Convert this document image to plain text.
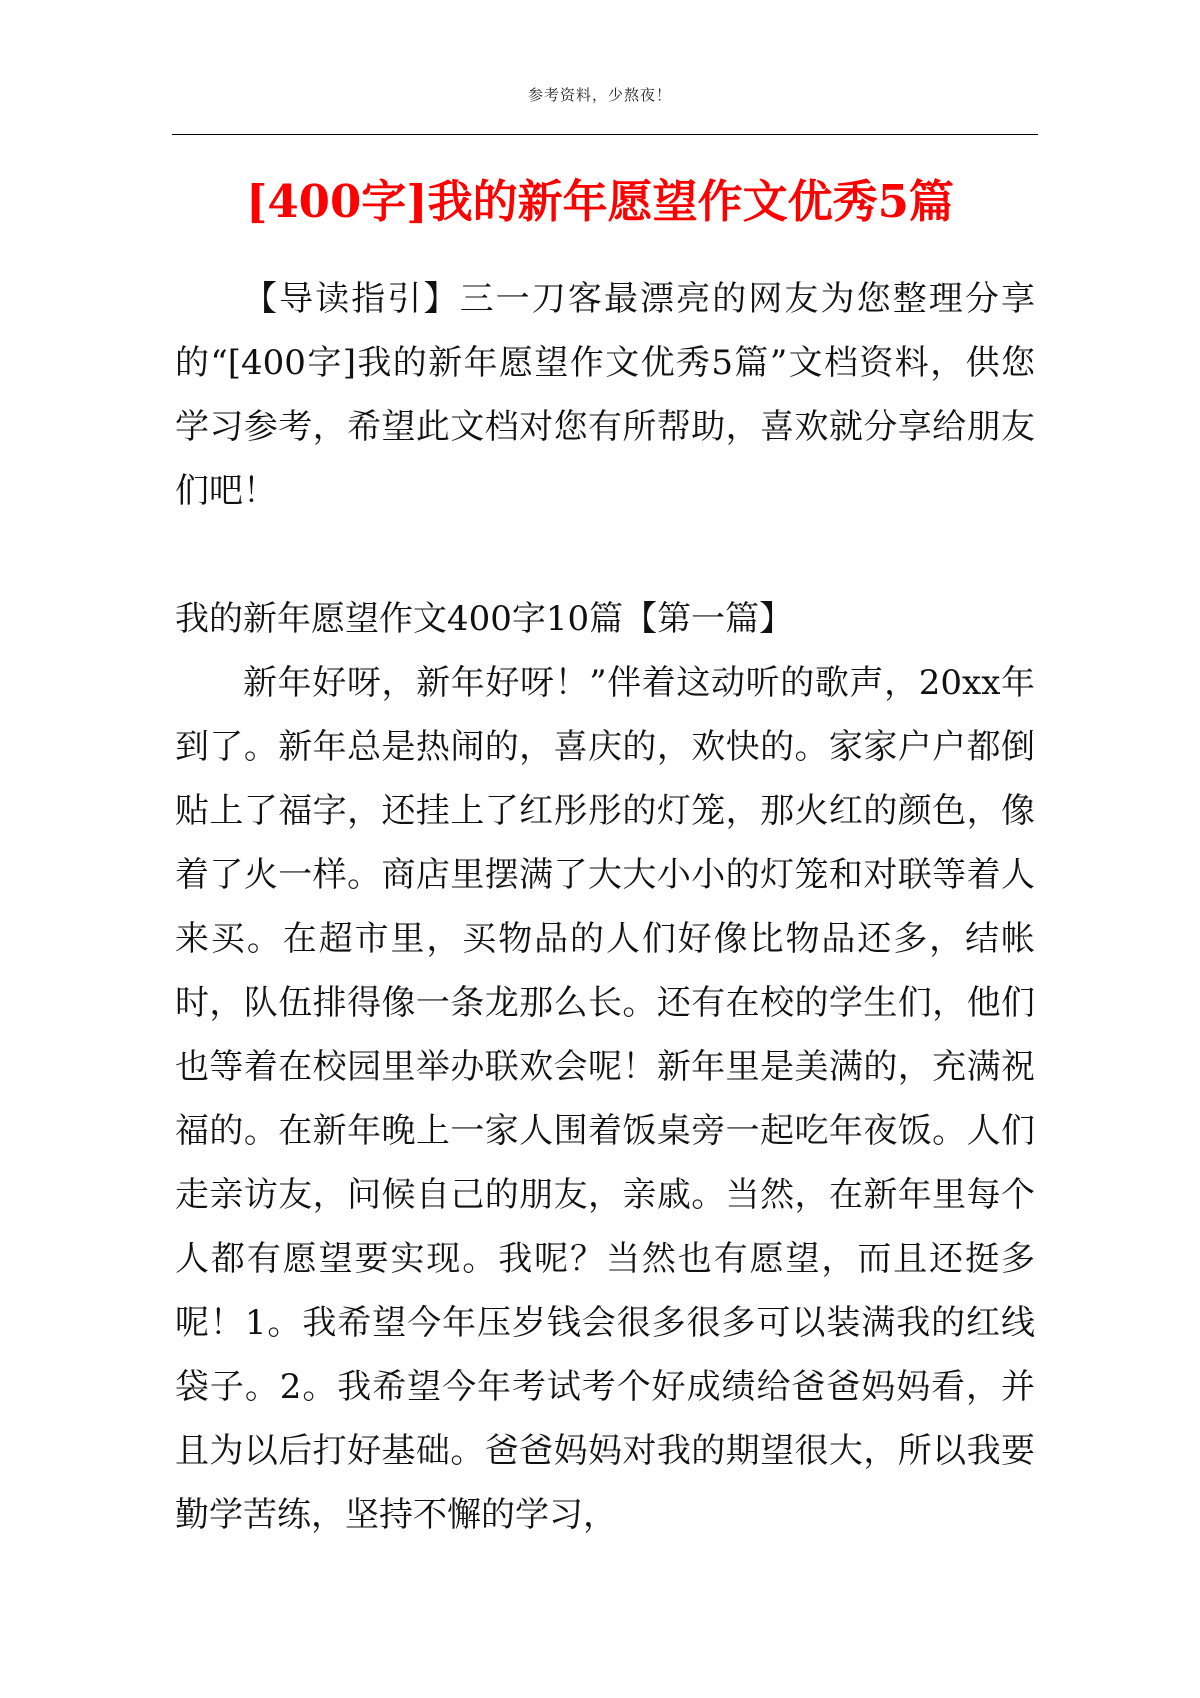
参考资料，少熬夜！
[400字]我的新年愿望作文优秀5篇

【导读指引】三一刀客最漂亮的网友为您整理分享的“[400字]我的新年愿望作文优秀5篇”文档资料，供您学习参考，希望此文档对您有所帮助，喜欢就分享给朋友们吧！

我的新年愿望作文400字10篇【第一篇】

新年好呀，新年好呀！”伴着这动听的歌声，20xx年到了。新年总是热闹的，喜庆的，欢快的。家家户户都倒贴上了福字，还挂上了红彤彤的灯笼，那火红的颜色，像着了火一样。商店里摆满了大大小小的灯笼和对联等着人来买。在超市里，买物品的人们好像比物品还多，结帐时，队伍排得像一条龙那么长。还有在校的学生们，他们也等着在校园里举办联欢会呢！新年里是美满的，充满祝福的。在新年晚上一家人围着饭桌旁一起吃年夜饭。人们走亲访友，问候自己的朋友，亲戚。当然，在新年里每个人都有愿望要实现。我呢？当然也有愿望，而且还挺多呢！1。我希望今年压岁钱会很多很多可以装满我的红线袋子。2。我希望今年考试考个好成绩给爸爸妈妈看，并且为以后打好基础。爸爸妈妈对我的期望很大，所以我要勤学苦练，坚持不懈的学习，
